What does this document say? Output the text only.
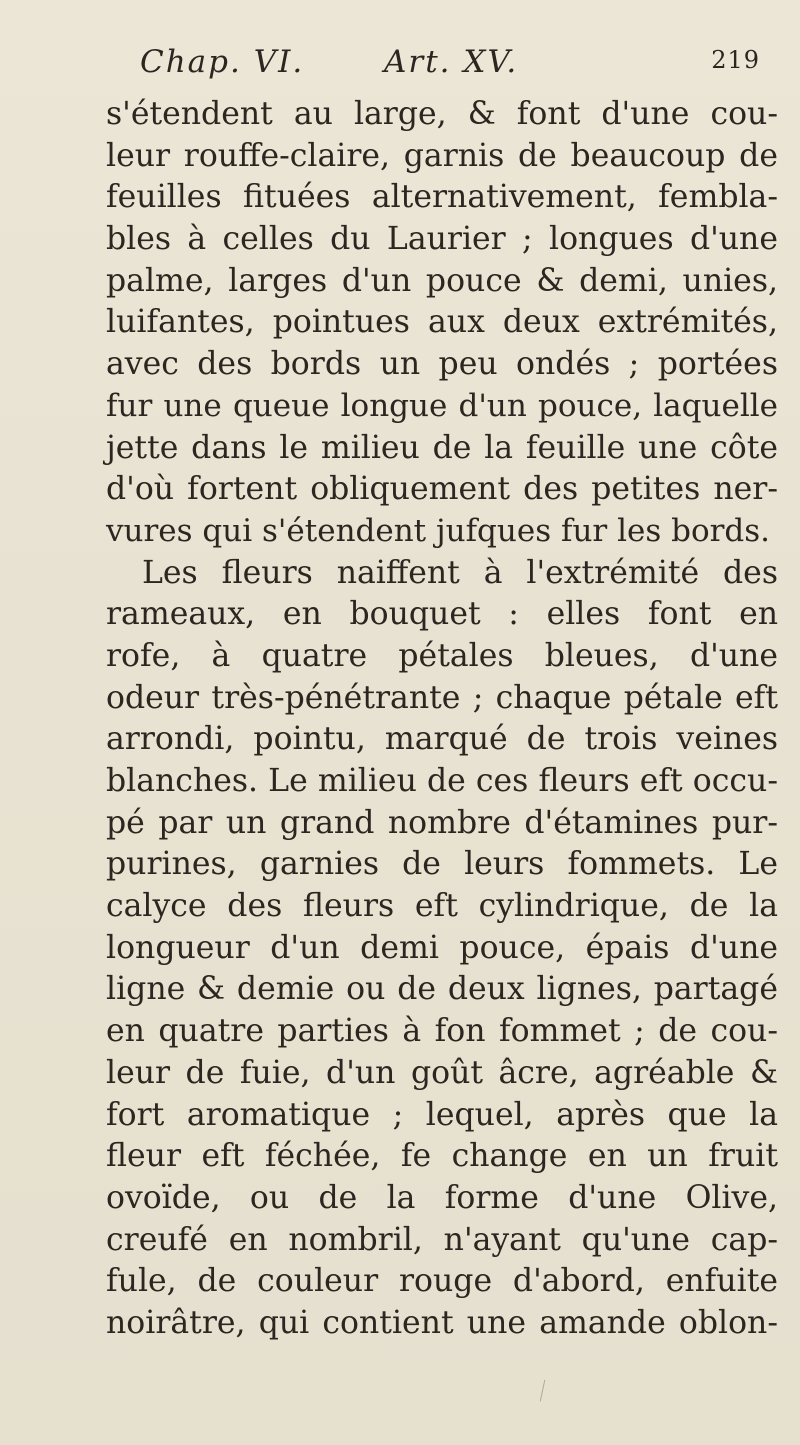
Chap. VI.	Art. XV.	219
s'étendent au large, & font d'une cou-
leur rouffe-claire, garnis de beaucoup de
feuilles fituées alternativement, fembla-
bles à celles du Laurier ; longues d'une
palme, larges d'un pouce & demi, unies,
luifantes, pointues aux deux extrémités,
avec des bords un peu ondés ; portées
fur une queue longue d'un pouce, laquelle
jette dans le milieu de la feuille une côte
d'où fortent obliquement des petites ner-
vures qui s'étendent jufques fur les bords.
Les fleurs naiffent à l'extrémité des
rameaux, en bouquet : elles font en
rofe, à quatre pétales bleues, d'une
odeur très-pénétrante ; chaque pétale eft
arrondi, pointu, marqué de trois veines
blanches. Le milieu de ces fleurs eft occu-
pé par un grand nombre d'étamines pur-
purines, garnies de leurs fommets. Le
calyce des fleurs eft cylindrique, de la
longueur d'un demi pouce, épais d'une
ligne & demie ou de deux lignes, partagé
en quatre parties à fon fommet ; de cou-
leur de fuie, d'un goût âcre, agréable &
fort aromatique ; lequel, après que la
fleur eft féchée, fe change en un fruit
ovoïde, ou de la forme d'une Olive,
creufé en nombril, n'ayant qu'une cap-
fule, de couleur rouge d'abord, enfuite
noirâtre, qui contient une amande oblon-
